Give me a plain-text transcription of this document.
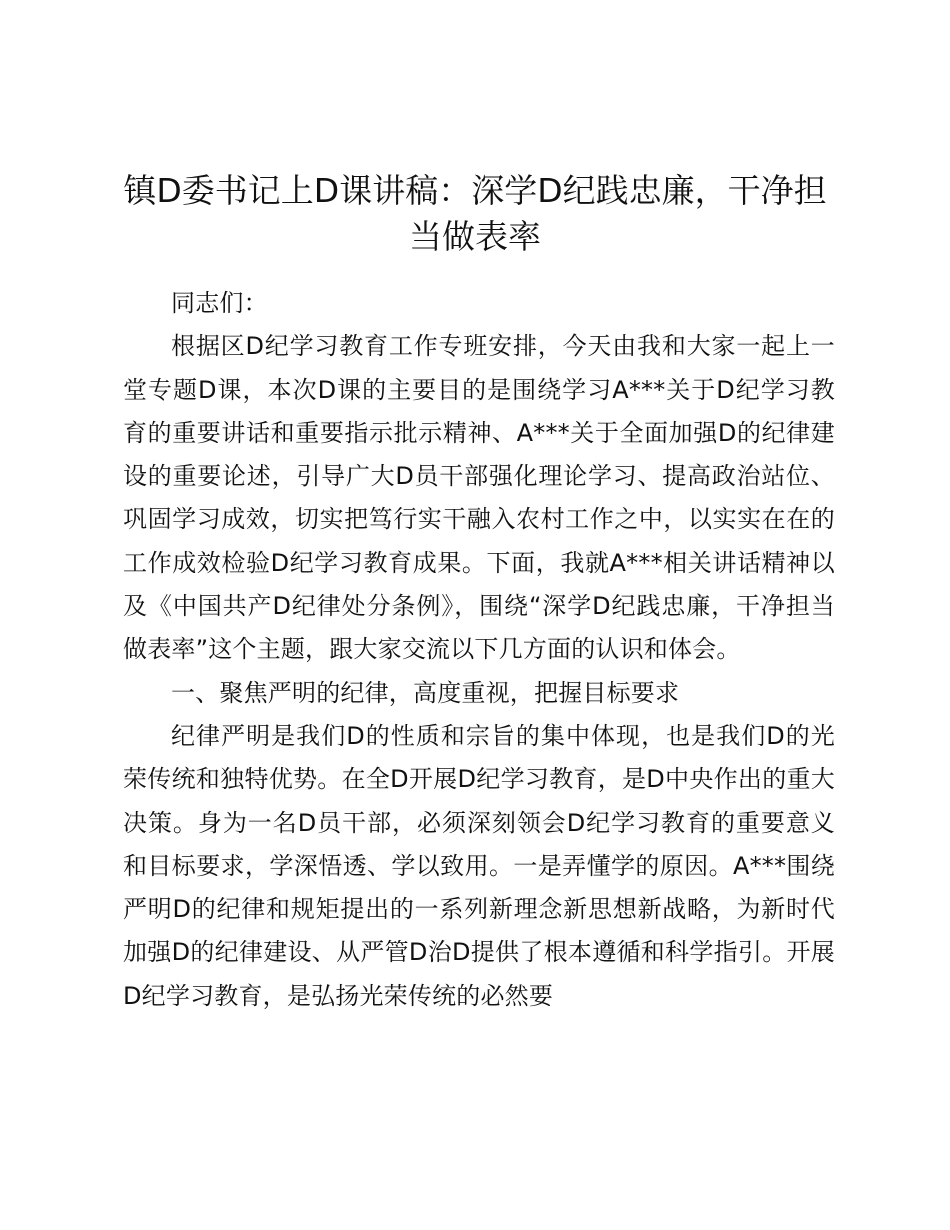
镇D委书记上D课讲稿：深学D纪践忠廉，干净担当做表率

同志们：

根据区D纪学习教育工作专班安排，今天由我和大家一起上一堂专题D课，本次D课的主要目的是围绕学习A***关于D纪学习教育的重要讲话和重要指示批示精神、A***关于全面加强D的纪律建设的重要论述，引导广大D员干部强化理论学习、提高政治站位、巩固学习成效，切实把笃行实干融入农村工作之中，以实实在在的工作成效检验D纪学习教育成果。下面，我就A***相关讲话精神以及《中国共产D纪律处分条例》，围绕“深学D纪践忠廉，干净担当做表率”这个主题，跟大家交流以下几方面的认识和体会。

一、聚焦严明的纪律，高度重视，把握目标要求

纪律严明是我们D的性质和宗旨的集中体现，也是我们D的光荣传统和独特优势。在全D开展D纪学习教育，是D中央作出的重大决策。身为一名D员干部，必须深刻领会D纪学习教育的重要意义和目标要求，学深悟透、学以致用。一是弄懂学的原因。A***围绕严明D的纪律和规矩提出的一系列新理念新思想新战略，为新时代加强D的纪律建设、从严管D治D提供了根本遵循和科学指引。开展D纪学习教育，是弘扬光荣传统的必然要
